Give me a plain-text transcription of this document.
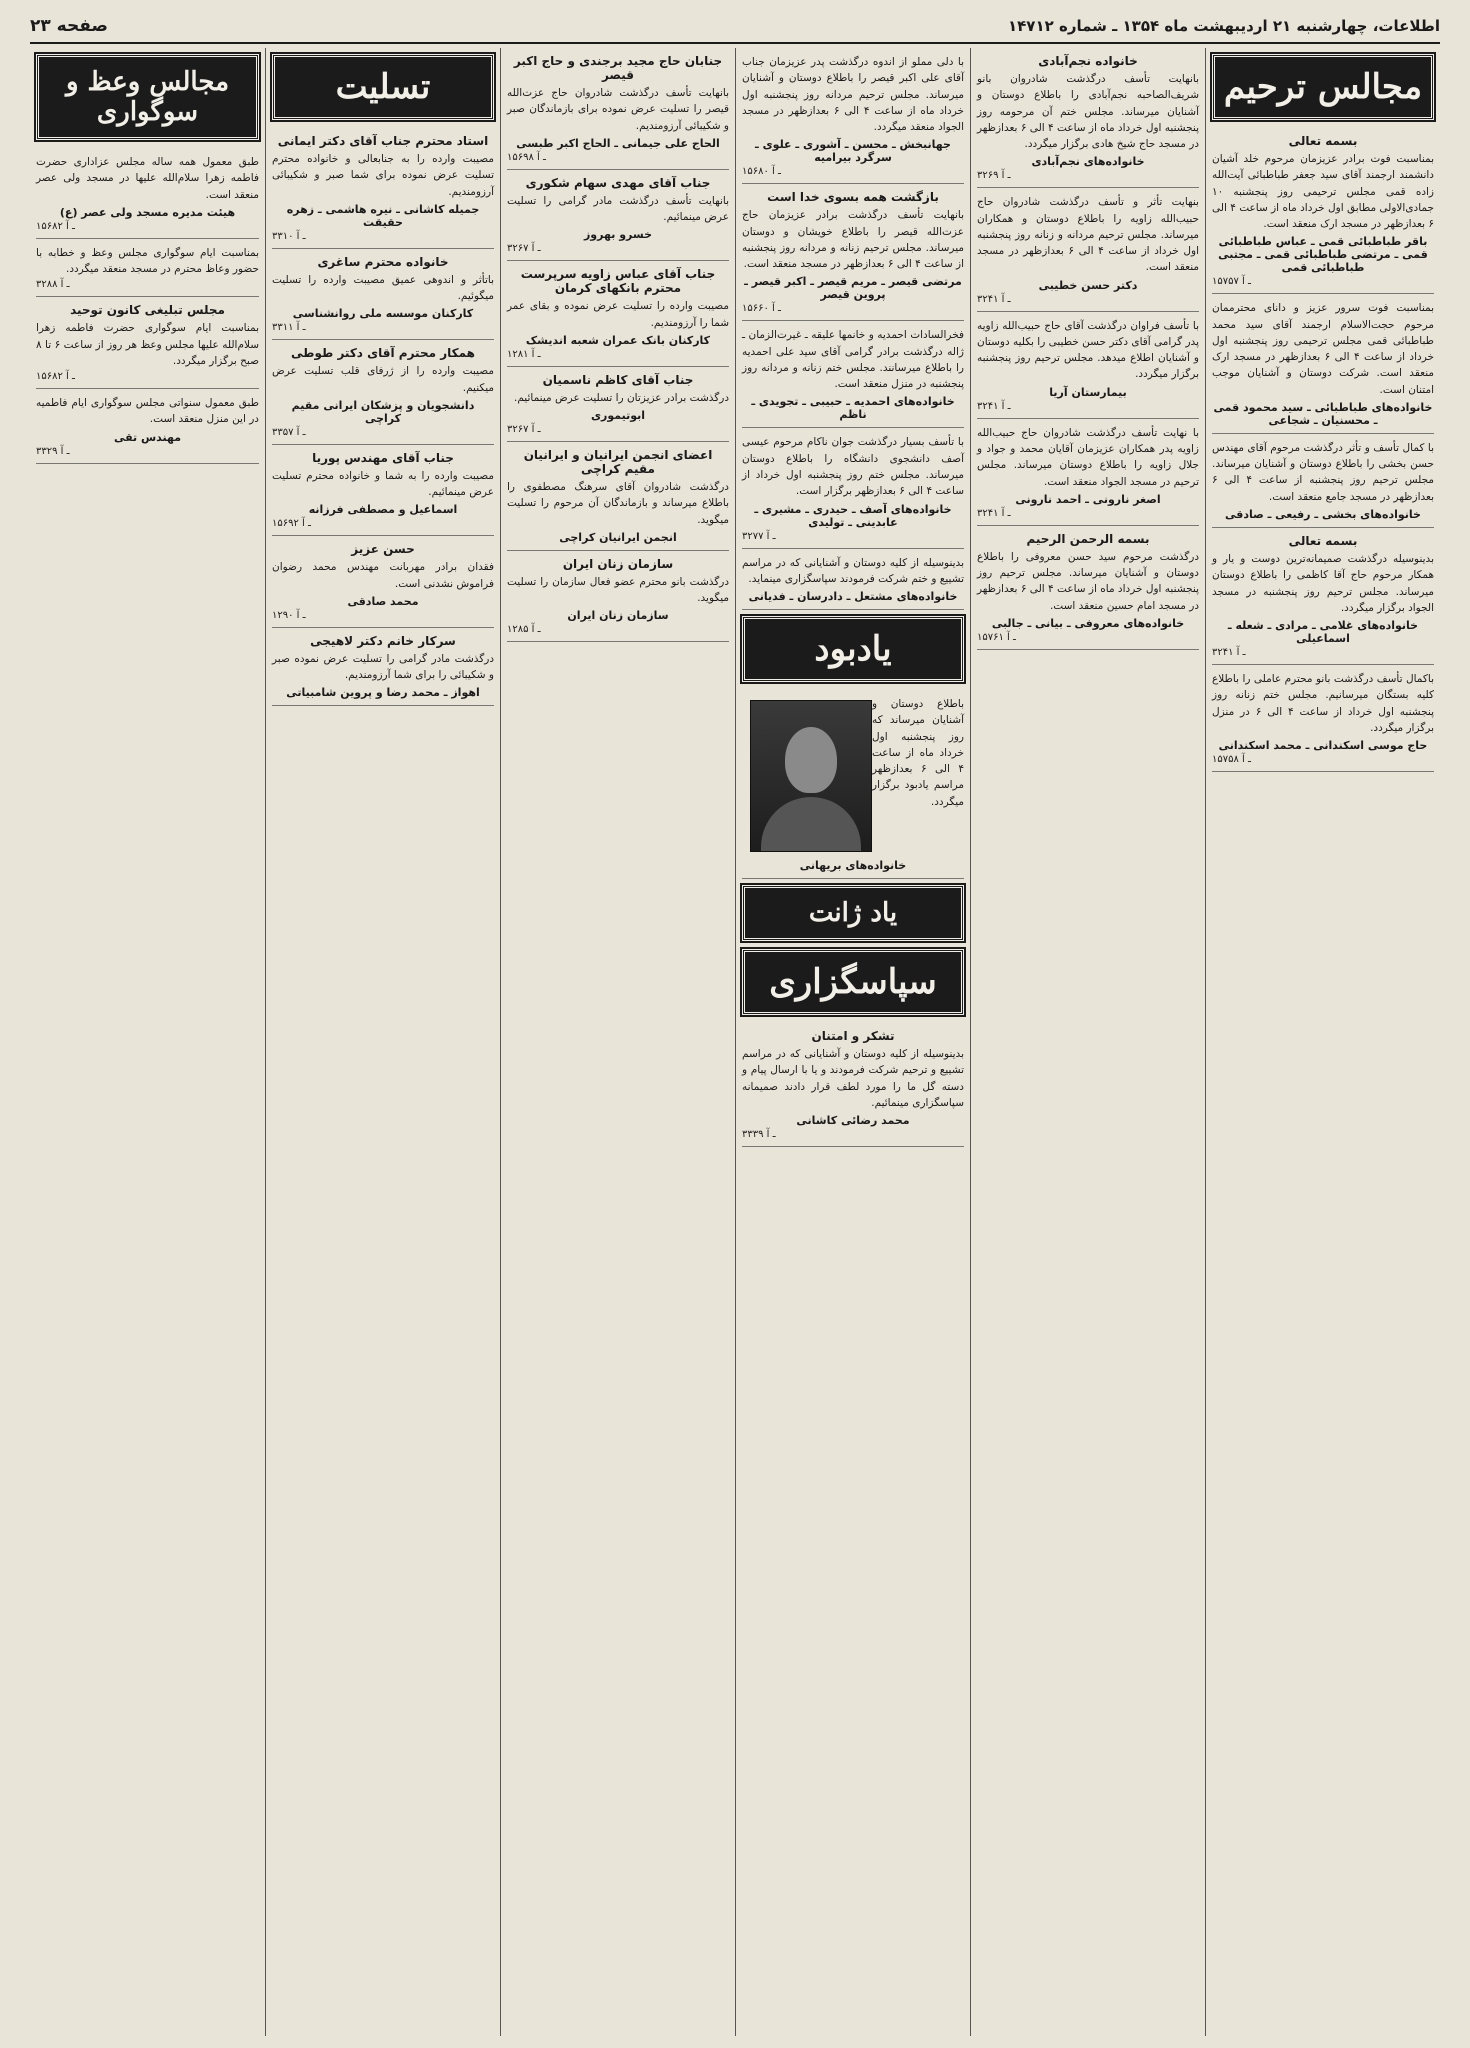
اطلاعات، چهارشنبه ۲۱ اردیبهشت ماه ۱۳۵۴ ـ شماره ۱۴۷۱۲
صفحه ۲۳
مجالس ترحیم
بسمه تعالی
بمناسبت فوت برادر عزیزمان مرحوم خلد آشیان دانشمند ارجمند آقای سید جعفر طباطبائی آیت‌الله زاده قمی مجلس ترحیمی روز پنجشنبه ۱۰ جمادی‌الاولی مطابق اول خرداد ماه از ساعت ۴ الی ۶ بعدازظهر در مسجد ارک منعقد است.
باقر طباطبائی قمی ـ عباس طباطبائی قمی ـ مرتضی طباطبائی قمی ـ مجتبی طباطبائی قمی
۱۵۷۵۷ ـ آ
بمناسبت فوت سرور عزیز و دانای محترممان مرحوم حجت‌الاسلام ارجمند آقای سید محمد طباطبائی قمی مجلس ترحیمی روز پنجشنبه اول خرداد از ساعت ۴ الی ۶ بعدازظهر در مسجد ارک منعقد است. شرکت دوستان و آشنایان موجب امتنان است.
خانواده‌های طباطبائی ـ سید محمود قمی ـ محسنیان ـ شجاعی
با کمال تأسف و تأثر درگذشت مرحوم آقای مهندس حسن بخشی را باطلاع دوستان و آشنایان میرساند. مجلس ترحیم روز پنجشنبه از ساعت ۴ الی ۶ بعدازظهر در مسجد جامع منعقد است.
خانواده‌های بخشی ـ رفیعی ـ صادقی
بسمه تعالی
بدینوسیله درگذشت صمیمانه‌ترین دوست و یار و همکار مرحوم حاج آقا کاظمی را باطلاع دوستان میرساند. مجلس ترحیم روز پنجشنبه در مسجد الجواد برگزار میگردد.
خانواده‌های غلامی ـ مرادی ـ شعله ـ اسماعیلی
۳۲۴۱ ـ آ
باکمال تأسف درگذشت بانو محترم عاملی را باطلاع کلیه بستگان میرسانیم. مجلس ختم زنانه روز پنجشنبه اول خرداد از ساعت ۴ الی ۶ در منزل برگزار میگردد.
حاج موسی اسکندانی ـ محمد اسکندانی
۱۵۷۵۸ ـ آ
خانواده نجم‌آبادی
بانهایت تأسف درگذشت شادروان بانو شریف‌الصاحبه نجم‌آبادی را باطلاع دوستان و آشنایان میرساند. مجلس ختم آن مرحومه روز پنجشنبه اول خرداد ماه از ساعت ۴ الی ۶ بعدازظهر در مسجد حاج شیخ هادی برگزار میگردد.
خانواده‌های نجم‌آبادی
۳۲۶۹ ـ آ
بنهایت تأثر و تأسف درگذشت شادروان حاج حبیب‌الله زاویه را باطلاع دوستان و همکاران میرساند. مجلس ترحیم مردانه و زنانه روز پنجشنبه اول خرداد از ساعت ۴ الی ۶ بعدازظهر در مسجد منعقد است.
دکتر حسن خطیبی
۳۲۴۱ ـ آ
با تأسف فراوان درگذشت آقای حاج حبیب‌الله زاویه پدر گرامی آقای دکتر حسن خطیبی را بکلیه دوستان و آشنایان اطلاع میدهد. مجلس ترحیم روز پنجشنبه برگزار میگردد.
بیمارستان آریا
۳۲۴۱ ـ آ
با نهایت تأسف درگذشت شادروان حاج حبیب‌الله زاویه پدر همکاران عزیزمان آقایان محمد و جواد و جلال زاویه را باطلاع دوستان میرساند. مجلس ترحیم در مسجد الجواد منعقد است.
اصغر نارونی ـ احمد نارونی
۳۲۴۱ ـ آ
بسمه الرحمن الرحیم
درگذشت مرحوم سید حسن معروفی را باطلاع دوستان و آشنایان میرساند. مجلس ترحیم روز پنجشنبه اول خرداد ماه از ساعت ۴ الی ۶ بعدازظهر در مسجد امام حسین منعقد است.
خانواده‌های معروفی ـ بیانی ـ جالبی
۱۵۷۶۱ ـ آ
با دلی مملو از اندوه درگذشت پدر عزیزمان جناب آقای علی اکبر قیصر را باطلاع دوستان و آشنایان میرساند. مجلس ترحیم مردانه روز پنجشنبه اول خرداد ماه از ساعت ۴ الی ۶ بعدازظهر در مسجد الجواد منعقد میگردد.
جهانبخش ـ محسن ـ آشوری ـ علوی ـ سرگرد بیرامیه
۱۵۶۸۰ ـ آ
بازگشت همه بسوی خدا است
بانهایت تأسف درگذشت برادر عزیزمان حاج عزت‌الله قیصر را باطلاع خویشان و دوستان میرساند. مجلس ترحیم زنانه و مردانه روز پنجشنبه از ساعت ۴ الی ۶ بعدازظهر در مسجد منعقد است.
مرتضی قیصر ـ مریم قیصر ـ اکبر قیصر ـ پروین قیصر
۱۵۶۶۰ ـ آ
فخرالسادات احمدیه و خانمها علیقه ـ غیرت‌الزمان ـ ژاله درگذشت برادر گرامی آقای سید علی احمدیه را باطلاع میرسانند. مجلس ختم زنانه و مردانه روز پنجشنبه در منزل منعقد است.
خانواده‌های احمدیه ـ حبیبی ـ تجویدی ـ ناظم
با تأسف بسیار درگذشت جوان ناکام مرحوم عیسی آصف دانشجوی دانشگاه را باطلاع دوستان میرساند. مجلس ختم روز پنجشنبه اول خرداد از ساعت ۴ الی ۶ بعدازظهر برگزار است.
خانواده‌های آصف ـ حیدری ـ مشیری ـ عابدینی ـ تولیدی
۳۲۷۷ ـ آ
بدینوسیله از کلیه دوستان و آشنایانی که در مراسم تشییع و ختم شرکت فرمودند سپاسگزاری مینماید.
خانواده‌های مشتعل ـ دادرسان ـ فدیانی
یادبود
باطلاع دوستان و آشنایان میرساند که روز پنجشنبه اول خرداد ماه از ساعت ۴ الی ۶ بعدازظهر مراسم یادبود برگزار میگردد.
خانواده‌های بریهانی
یاد ژانت
سپاسگزاری
تشکر و امتنان
بدینوسیله از کلیه دوستان و آشنایانی که در مراسم تشییع و ترحیم شرکت فرمودند و یا با ارسال پیام و دسته گل ما را مورد لطف قرار دادند صمیمانه سپاسگزاری مینمائیم.
محمد رضائی کاشانی
۳۳۳۹ ـ آ
جنابان حاج مجید برجندی و حاج اکبر قیصر
بانهایت تأسف درگذشت شادروان حاج عزت‌الله قیصر را تسلیت عرض نموده برای بازماندگان صبر و شکیبائی آرزومندیم.
الحاج علی جیمانی ـ الحاج اکبر طبسی
۱۵۶۹۸ ـ آ
جناب آقای مهدی سهام شکوری
بانهایت تأسف درگذشت مادر گرامی را تسلیت عرض مینمائیم.
خسرو بهروز
۳۲۶۷ ـ آ
جناب آقای عباس زاویه سرپرست محترم بانکهای کرمان
مصیبت وارده را تسلیت عرض نموده و بقای عمر شما را آرزومندیم.
کارکنان بانک عمران شعبه اندیشک
۱۲۸۱ ـ آ
جناب آقای کاظم ناسمیان
درگذشت برادر عزیزتان را تسلیت عرض مینمائیم.
ابوتیموری
۳۲۶۷ ـ آ
اعضای انجمن ایرانیان و ایرانیان مقیم کراچی
درگذشت شادروان آقای سرهنگ مصطفوی را باطلاع میرساند و بازماندگان آن مرحوم را تسلیت میگوید.
انجمن ایرانیان کراچی
سازمان زنان ایران
درگذشت بانو محترم عضو فعال سازمان را تسلیت میگوید.
سازمان زنان ایران
۱۲۸۵ ـ آ
تسلیت
استاد محترم جناب آقای دکتر ایمانی
مصیبت وارده را به جنابعالی و خانواده محترم تسلیت عرض نموده برای شما صبر و شکیبائی آرزومندیم.
جمیله کاشانی ـ نیره هاشمی ـ زهره حقیقت
۳۳۱۰ ـ آ
خانواده محترم ساغری
باتأثر و اندوهی عمیق مصیبت وارده را تسلیت میگوئیم.
کارکنان موسسه ملی روانشناسی
۳۳۱۱ ـ آ
همکار محترم آقای دکتر طوطی
مصیبت وارده را از ژرفای قلب تسلیت عرض میکنیم.
دانشجویان و پزشکان ایرانی مقیم کراچی
۳۳۵۷ ـ آ
جناب آقای مهندس پوریا
مصیبت وارده را به شما و خانواده محترم تسلیت عرض مینمائیم.
اسماعیل و مصطفی فرزانه
۱۵۶۹۲ ـ آ
حسن عزیز
فقدان برادر مهربانت مهندس محمد رضوان فراموش نشدنی است.
محمد صادقی
۱۲۹۰ ـ آ
سرکار خانم دکتر لاهیجی
درگذشت مادر گرامی را تسلیت عرض نموده صبر و شکیبائی را برای شما آرزومندیم.
اهواز ـ محمد رضا و پروین شامبیاتی
مجالس وعظ و سوگواری
طبق معمول همه ساله مجلس عزاداری حضرت فاطمه زهرا سلام‌الله علیها در مسجد ولی عصر منعقد است.
هیئت مدیره مسجد ولی عصر (ع)
۱۵۶۸۲ ـ آ
بمناسبت ایام سوگواری مجلس وعظ و خطابه با حضور وعاظ محترم در مسجد منعقد میگردد.
۳۲۸۸ ـ آ
مجلس تبلیغی کانون توحید
بمناسبت ایام سوگواری حضرت فاطمه زهرا سلام‌الله علیها مجلس وعظ هر روز از ساعت ۶ تا ۸ صبح برگزار میگردد.
۱۵۶۸۲ ـ آ
طبق معمول سنواتی مجلس سوگواری ایام فاطمیه در این منزل منعقد است.
مهندس تقی
۳۳۲۹ ـ آ
